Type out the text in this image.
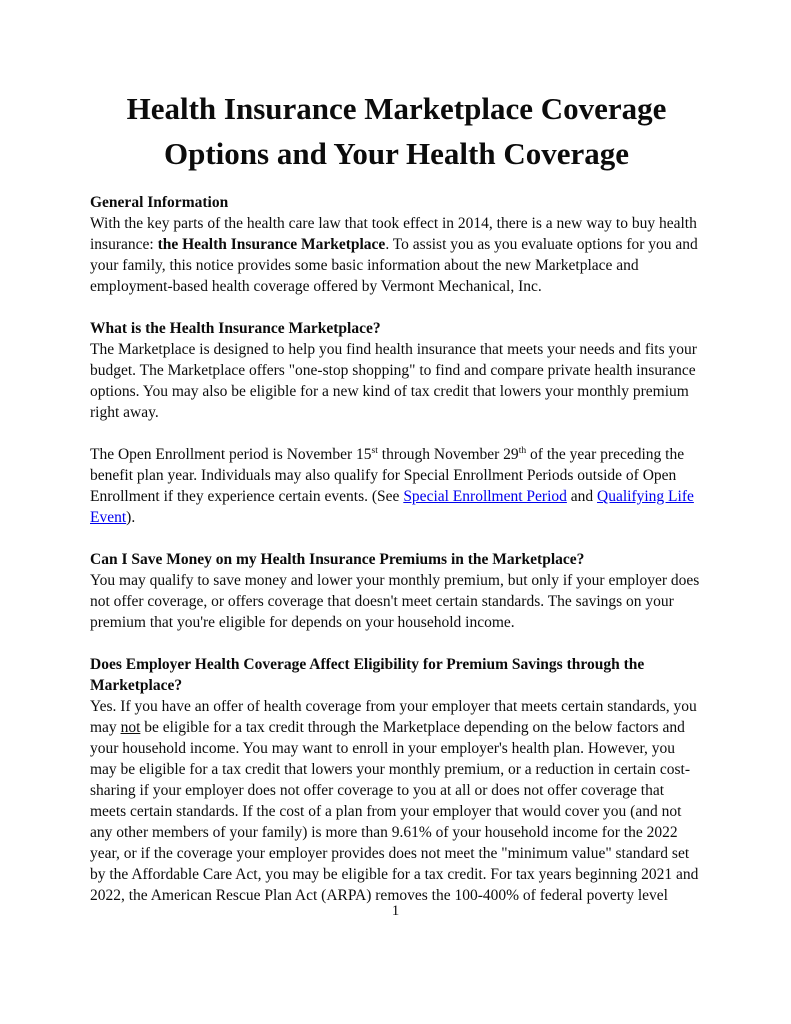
Health Insurance Marketplace Coverage
Options and Your Health Coverage
General Information

With the key parts of the health care law that took effect in 2014, there is a new way to buy health insurance: the Health Insurance Marketplace. To assist you as you evaluate options for you and your family, this notice provides some basic information about the new Marketplace and employment-based health coverage offered by Vermont Mechanical, Inc.

What is the Health Insurance Marketplace?

The Marketplace is designed to help you find health insurance that meets your needs and fits your budget. The Marketplace offers "one-stop shopping" to find and compare private health insurance options. You may also be eligible for a new kind of tax credit that lowers your monthly premium right away.

The Open Enrollment period is November 15st through November 29th of the year preceding the benefit plan year. Individuals may also qualify for Special Enrollment Periods outside of Open Enrollment if they experience certain events. (See Special Enrollment Period and Qualifying Life Event).

Can I Save Money on my Health Insurance Premiums in the Marketplace?

You may qualify to save money and lower your monthly premium, but only if your employer does not offer coverage, or offers coverage that doesn't meet certain standards. The savings on your premium that you're eligible for depends on your household income.

Does Employer Health Coverage Affect Eligibility for Premium Savings through the Marketplace?

Yes. If you have an offer of health coverage from your employer that meets certain standards, you may not be eligible for a tax credit through the Marketplace depending on the below factors and your household income. You may want to enroll in your employer's health plan. However, you may be eligible for a tax credit that lowers your monthly premium, or a reduction in certain cost-sharing if your employer does not offer coverage to you at all or does not offer coverage that meets certain standards. If the cost of a plan from your employer that would cover you (and not any other members of your family) is more than 9.61% of your household income for the 2022 year, or if the coverage your employer provides does not meet the "minimum value" standard set by the Affordable Care Act, you may be eligible for a tax credit. For tax years beginning 2021 and 2022, the American Rescue Plan Act (ARPA) removes the 100-400% of federal poverty level

1
